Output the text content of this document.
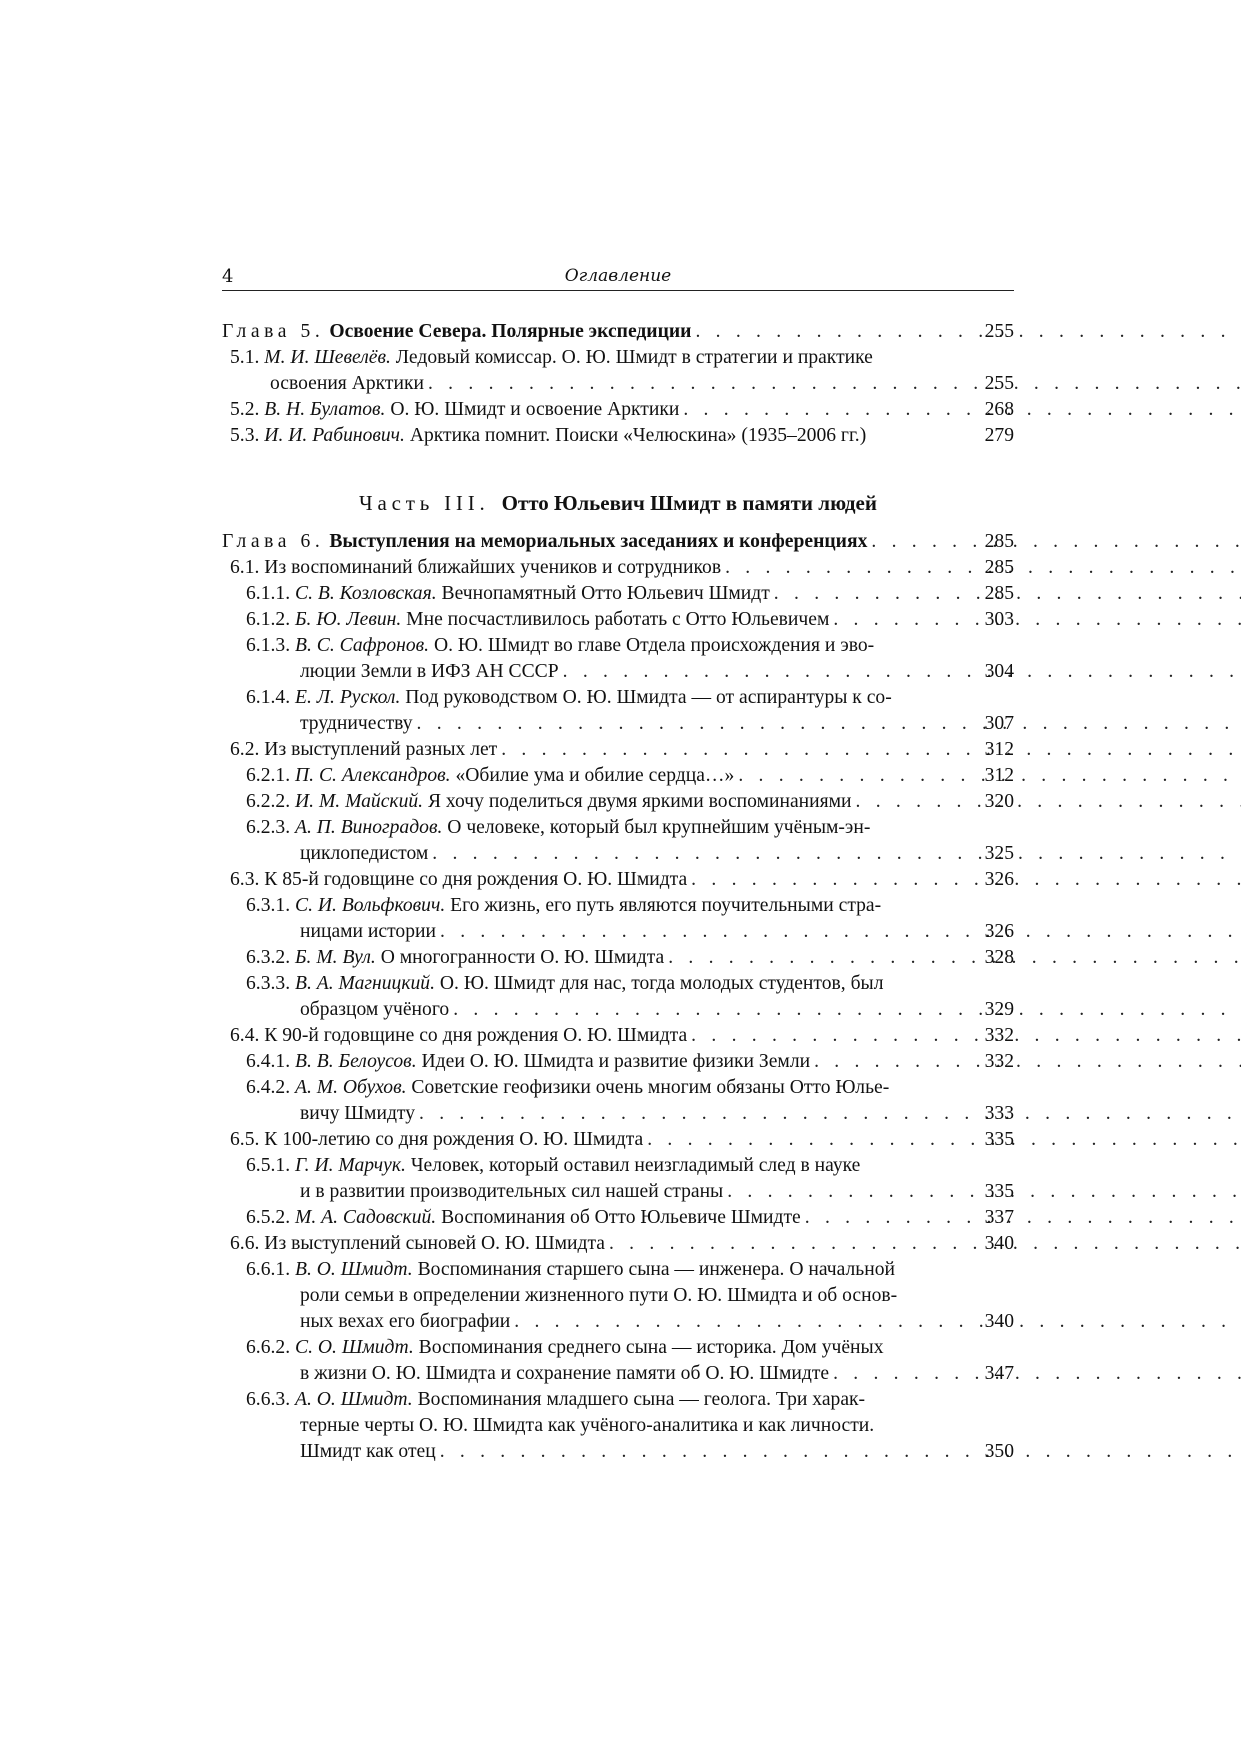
4	Оглавление
Глава 5. Освоение Севера. Полярные экспедиции . . .	255
5.1. М. И. Шевелёв. Ледовый комиссар. О. Ю. Шмидт в стратегии и практике
освоения Арктики . . .	255
5.2. В. Н. Булатов. О. Ю. Шмидт и освоение Арктики . . .	268
5.3. И. И. Рабинович. Арктика помнит. Поиски «Челюскина» (1935–2006 гг.)	279
Часть III. Отто Юльевич Шмидт в памяти людей
Глава 6. Выступления на мемориальных заседаниях и конференциях . . .	285
6.1. Из воспоминаний ближайших учеников и сотрудников . . .	285
6.1.1. С. В. Козловская. Вечнопамятный Отто Юльевич Шмидт . . .	285
6.1.2. Б. Ю. Левин. Мне посчастливилось работать с Отто Юльевичем . . .	303
6.1.3. В. С. Сафронов. О. Ю. Шмидт во главе Отдела происхождения и эво-
люции Земли в ИФЗ АН СССР . . .	304
6.1.4. Е. Л. Рускол. Под руководством О. Ю. Шмидта — от аспирантуры к со-
трудничеству . . .	307
6.2. Из выступлений разных лет . . .	312
6.2.1. П. С. Александров. «Обилие ума и обилие сердца…» . . .	312
6.2.2. И. М. Майский. Я хочу поделиться двумя яркими воспоминаниями . . .	320
6.2.3. А. П. Виноградов. О человеке, который был крупнейшим учёным-эн-
циклопедистом . . .	325
6.3. К 85-й годовщине со дня рождения О. Ю. Шмидта . . .	326
6.3.1. С. И. Вольфкович. Его жизнь, его путь являются поучительными стра-
ницами истории . . .	326
6.3.2. Б. М. Вул. О многогранности О. Ю. Шмидта . . .	328
6.3.3. В. А. Магницкий. О. Ю. Шмидт для нас, тогда молодых студентов, был
образцом учёного . . .	329
6.4. К 90-й годовщине со дня рождения О. Ю. Шмидта . . .	332
6.4.1. В. В. Белоусов. Идеи О. Ю. Шмидта и развитие физики Земли . . .	332
6.4.2. А. М. Обухов. Советские геофизики очень многим обязаны Отто Юлье-
вичу Шмидту . . .	333
6.5. К 100-летию со дня рождения О. Ю. Шмидта . . .	335
6.5.1. Г. И. Марчук. Человек, который оставил неизгладимый след в науке
и в развитии производительных сил нашей страны . . .	335
6.5.2. М. А. Садовский. Воспоминания об Отто Юльевиче Шмидте . . .	337
6.6. Из выступлений сыновей О. Ю. Шмидта . . .	340
6.6.1. В. О. Шмидт. Воспоминания старшего сына — инженера. О начальной
роли семьи в определении жизненного пути О. Ю. Шмидта и об основ-
ных вехах его биографии . . .	340
6.6.2. С. О. Шмидт. Воспоминания среднего сына — историка. Дом учёных
в жизни О. Ю. Шмидта и сохранение памяти об О. Ю. Шмидте . . .	347
6.6.3. А. О. Шмидт. Воспоминания младшего сына — геолога. Три харак-
терные черты О. Ю. Шмидта как учёного-аналитика и как личности.
Шмидт как отец . . .	350
